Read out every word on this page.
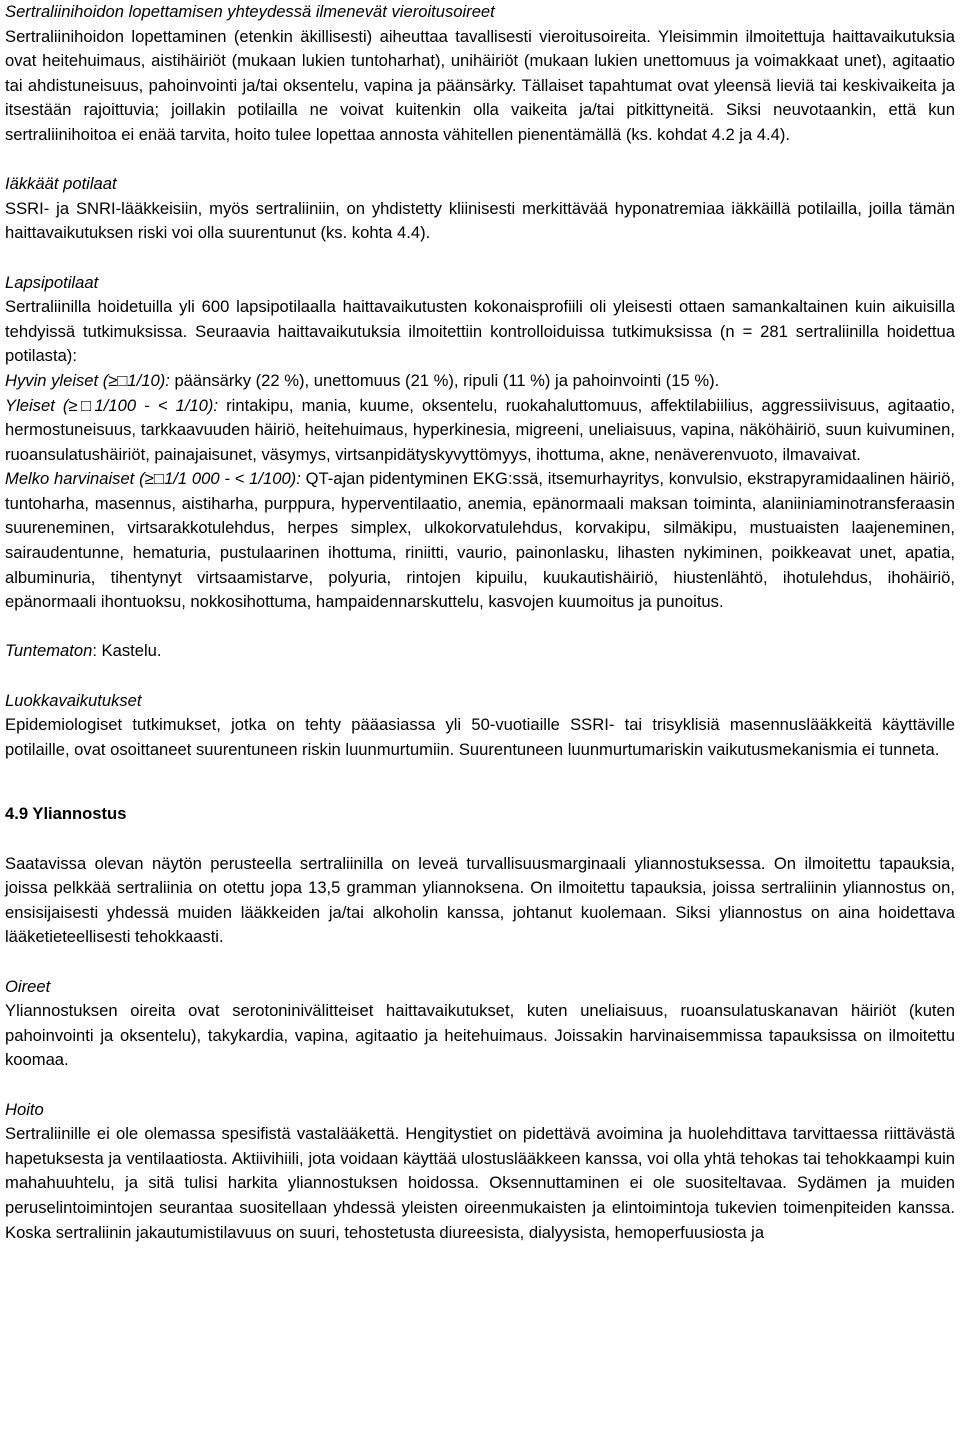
Sertraliinihoidon lopettamisen yhteydessä ilmenevät vieroitusoireet

Sertraliinihoidon lopettaminen (etenkin äkillisesti) aiheuttaa tavallisesti vieroitusoireita. Yleisimmin ilmoitettuja haittavaikutuksia ovat heitehuimaus, aistihäiriöt (mukaan lukien tuntoharhat), unihäiriöt (mukaan lukien unettomuus ja voimakkaat unet), agitaatio tai ahdistuneisuus, pahoinvointi ja/tai oksentelu, vapina ja päänsärky. Tällaiset tapahtumat ovat yleensä lieviä tai keskivaikeita ja itsestään rajoittuvia; joillakin potilailla ne voivat kuitenkin olla vaikeita ja/tai pitkittyneitä. Siksi neuvotaankin, että kun sertraliinihoitoa ei enää tarvita, hoito tulee lopettaa annosta vähitellen pienentämällä (ks. kohdat 4.2 ja 4.4).

Iäkkäät potilaat

SSRI- ja SNRI-lääkkeisiin, myös sertraliiniin, on yhdistetty kliinisesti merkittävää hyponatremiaa iäkkäillä potilailla, joilla tämän haittavaikutuksen riski voi olla suurentunut (ks. kohta 4.4).

Lapsipotilaat

Sertraliinilla hoidetuilla yli 600 lapsipotilaalla haittavaikutusten kokonaisprofiili oli yleisesti ottaen samankaltainen kuin aikuisilla tehdyissä tutkimuksissa. Seuraavia haittavaikutuksia ilmoitettiin kontrolloiduissa tutkimuksissa (n = 281 sertraliinilla hoidettua potilasta):

Hyvin yleiset (≥□1/10): päänsärky (22 %), unettomuus (21 %), ripuli (11 %) ja pahoinvointi (15 %).

Yleiset (≥□1/100 - < 1/10): rintakipu, mania, kuume, oksentelu, ruokahaluttomuus, affektilabiilius, aggressiivisuus, agitaatio, hermostuneisuus, tarkkaavuuden häiriö, heitehuimaus, hyperkinesia, migreeni, uneliaisuus, vapina, näköhäiriö, suun kuivuminen, ruoansulatushäiriöt, painajaisunet, väsymys, virtsanpidätyskyvyttömyys, ihottuma, akne, nenäverenvuoto, ilmavaivat.

Melko harvinaiset (≥□1/1 000 - < 1/100): QT-ajan pidentyminen EKG:ssä, itsemurhayritys, konvulsio, ekstrapyramidaalinen häiriö, tuntoharha, masennus, aistiharha, purppura, hyperventilaatio, anemia, epänormaali maksan toiminta, alaniiniaminotransferaasin suureneminen, virtsarakkotulehdus, herpes simplex, ulkokorvatulehdus, korvakipu, silmäkipu, mustuaisten laajeneminen, sairaudentunne, hematuria, pustulaarinen ihottuma, riniitti, vaurio, painonlasku, lihasten nykiminen, poikkeavat unet, apatia, albuminuria, tihentynyt virtsaamistarve, polyuria, rintojen kipuilu, kuukautishäiriö, hiustenlähtö, ihotulehdus, ihohäiriö, epänormaali ihontuoksu, nokkosihottuma, hampaidennarskuttelu, kasvojen kuumoitus ja punoitus.

Tuntematon: Kastelu.

Luokkavaikutukset

Epidemiologiset tutkimukset, jotka on tehty pääasiassa yli 50-vuotiaille SSRI- tai trisyklisiä masennuslääkkeitä käyttäville potilaille, ovat osoittaneet suurentuneen riskin luunmurtumiin. Suurentuneen luunmurtumariskin vaikutusmekanismia ei tunneta.

4.9 Yliannostus

Saatavissa olevan näytön perusteella sertraliinilla on leveä turvallisuusmarginaali yliannostuksessa. On ilmoitettu tapauksia, joissa pelkkää sertraliinia on otettu jopa 13,5 gramman yliannoksena. On ilmoitettu tapauksia, joissa sertraliinin yliannostus on, ensisijaisesti yhdessä muiden lääkkeiden ja/tai alkoholin kanssa, johtanut kuolemaan. Siksi yliannostus on aina hoidettava lääketieteellisesti tehokkaasti.

Oireet

Yliannostuksen oireita ovat serotoninivälitteiset haittavaikutukset, kuten uneliaisuus, ruoansulatuskanavan häiriöt (kuten pahoinvointi ja oksentelu), takykardia, vapina, agitaatio ja heitehuimaus. Joissakin harvinaisemmissa tapauksissa on ilmoitettu koomaa.

Hoito

Sertraliinille ei ole olemassa spesifistä vastalääkettä. Hengitystiet on pidettävä avoimina ja huolehdittava tarvittaessa riittävästä hapetuksesta ja ventilaatiosta. Aktiivihiili, jota voidaan käyttää ulostuslääkkeen kanssa, voi olla yhtä tehokas tai tehokkaampi kuin mahahuuhtelu, ja sitä tulisi harkita yliannostuksen hoidossa. Oksennuttaminen ei ole suositeltavaa. Sydämen ja muiden peruselintoimintojen seurantaa suositellaan yhdessä yleisten oireenmukaisten ja elintoimintoja tukevien toimenpiteiden kanssa. Koska sertraliinin jakautumistilavuus on suuri, tehostetusta diureesista, dialyysista, hemoperfuusiosta ja
